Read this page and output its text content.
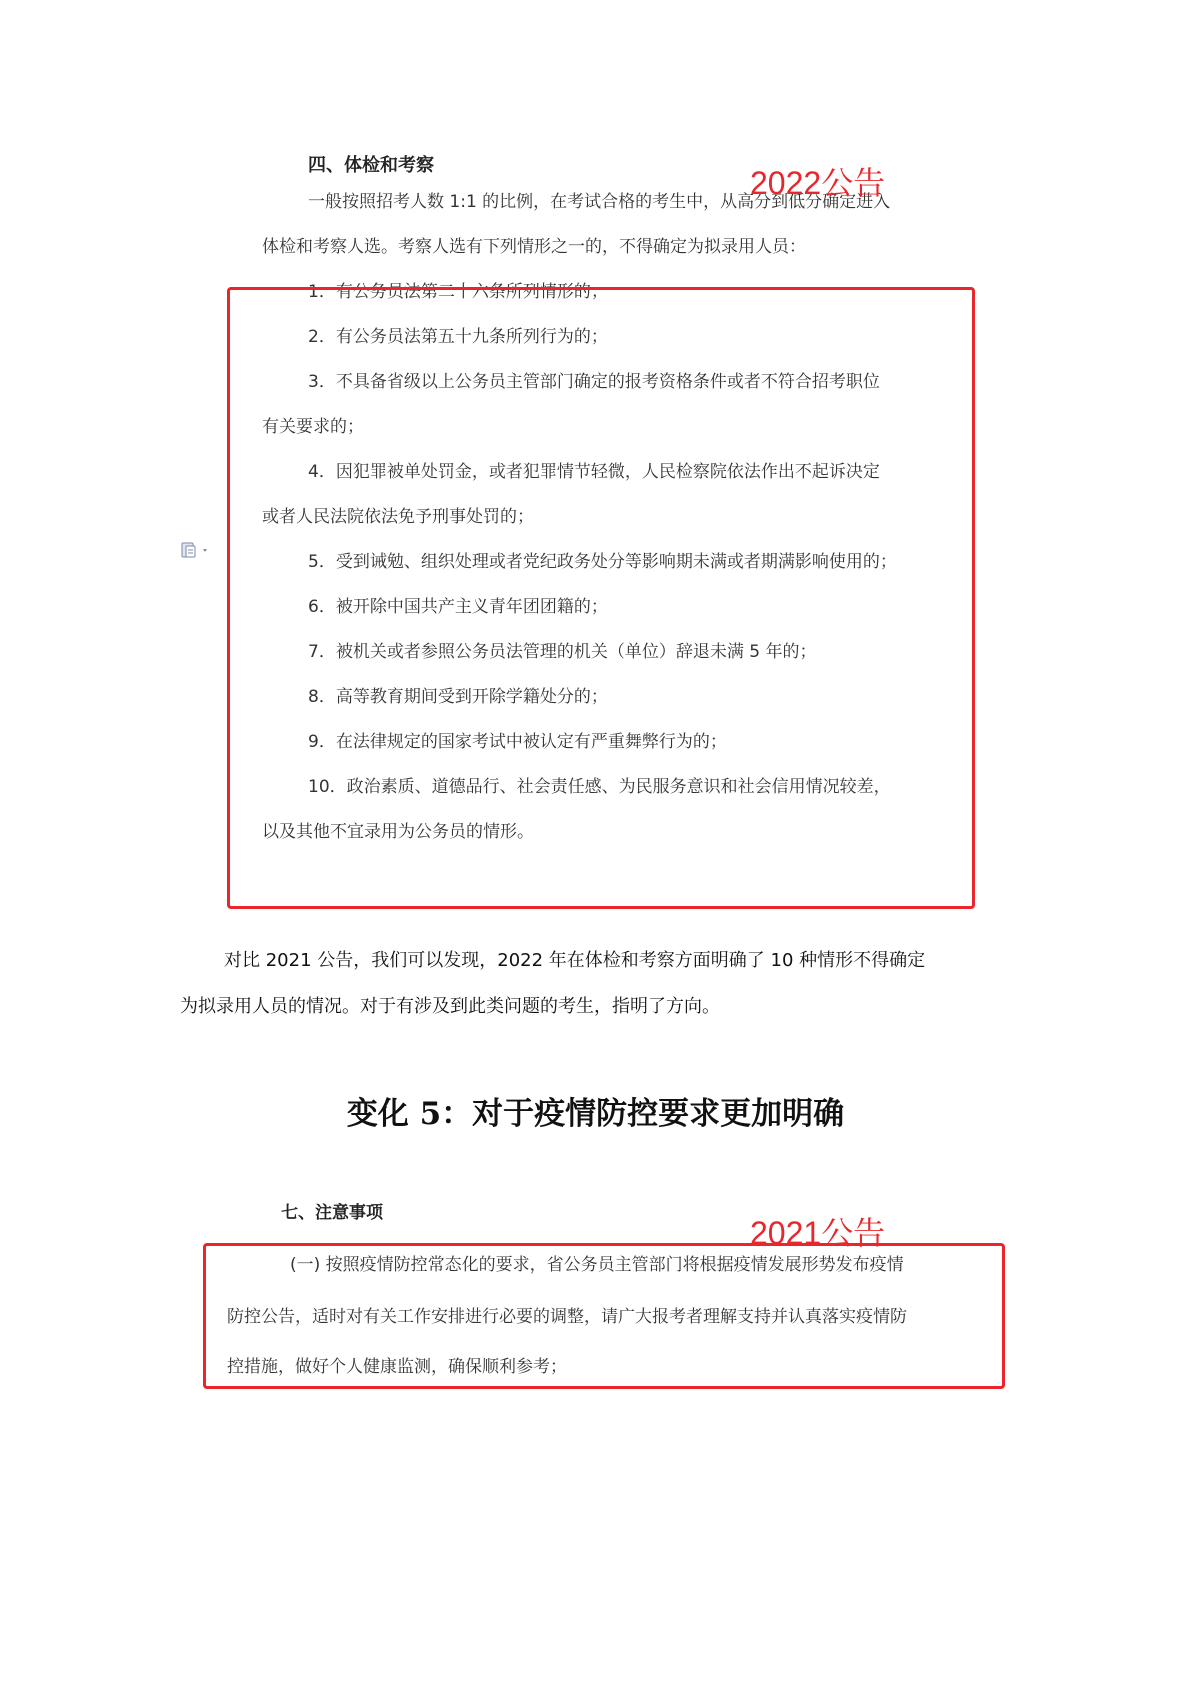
四、体检和考察
一般按照招考人数 1:1 的比例，在考试合格的考生中，从高分到低分确定进入
体检和考察人选。考察人选有下列情形之一的，不得确定为拟录用人员：
1．有公务员法第二十六条所列情形的；
2．有公务员法第五十九条所列行为的；
3．不具备省级以上公务员主管部门确定的报考资格条件或者不符合招考职位
有关要求的；
4．因犯罪被单处罚金，或者犯罪情节轻微，人民检察院依法作出不起诉决定
或者人民法院依法免予刑事处罚的；
5．受到诫勉、组织处理或者党纪政务处分等影响期未满或者期满影响使用的；
6．被开除中国共产主义青年团团籍的；
7．被机关或者参照公务员法管理的机关（单位）辞退未满 5 年的；
8．高等教育期间受到开除学籍处分的；
9．在法律规定的国家考试中被认定有严重舞弊行为的；
10．政治素质、道德品行、社会责任感、为民服务意识和社会信用情况较差，
以及其他不宜录用为公务员的情形。
2022公告
对比 2021 公告，我们可以发现，2022 年在体检和考察方面明确了 10 种情形不得确定
为拟录用人员的情况。对于有涉及到此类问题的考生，指明了方向。
变化 5：对于疫情防控要求更加明确
七、注意事项
(一) 按照疫情防控常态化的要求，省公务员主管部门将根据疫情发展形势发布疫情
防控公告，适时对有关工作安排进行必要的调整，请广大报考者理解支持并认真落实疫情防
控措施，做好个人健康监测，确保顺利参考；
2021公告
